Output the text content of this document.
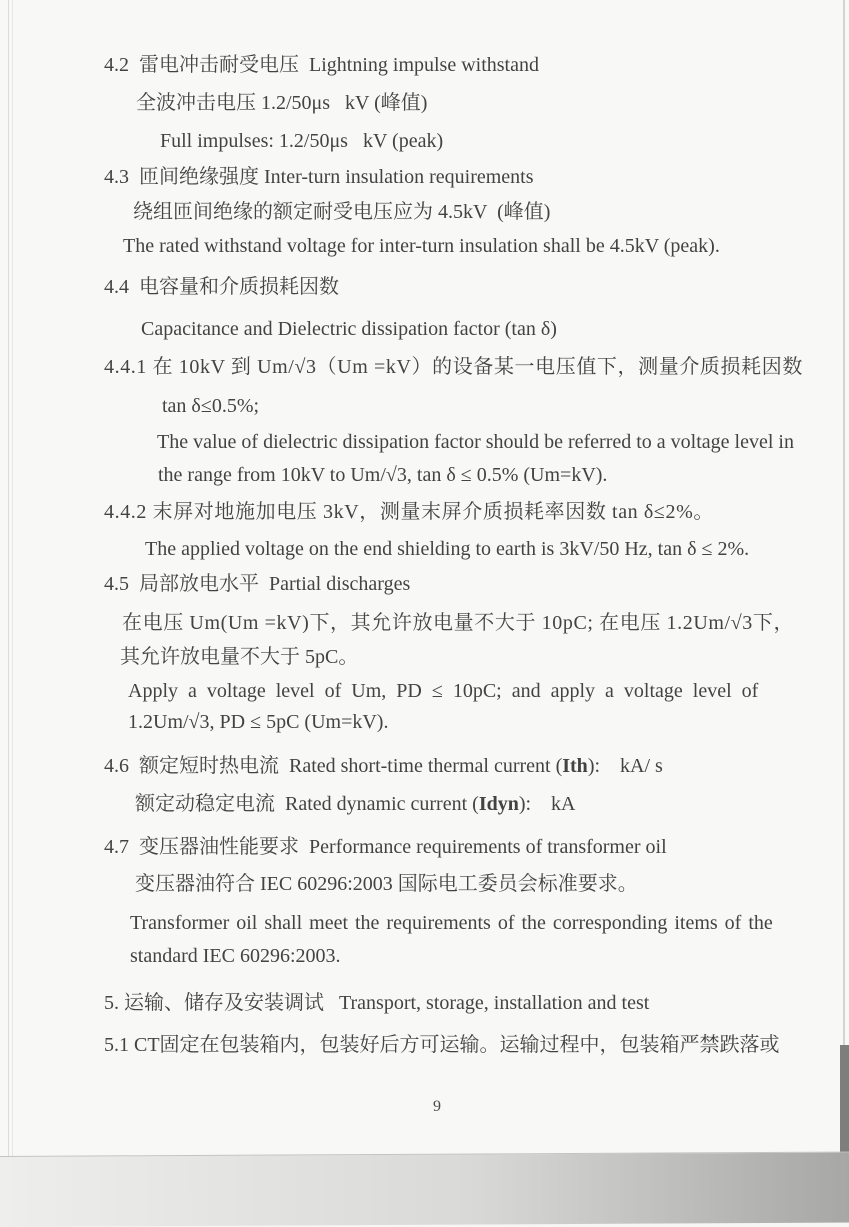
4.2  雷电冲击耐受电压  Lightning impulse withstand
全波冲击电压 1.2/50μs   kV (峰值)
Full impulses: 1.2/50μs   kV (peak)
4.3  匝间绝缘强度 Inter-turn insulation requirements
绕组匝间绝缘的额定耐受电压应为 4.5kV  (峰值)
The rated withstand voltage for inter-turn insulation shall be 4.5kV (peak).
4.4  电容量和介质损耗因数
Capacitance and Dielectric dissipation factor (tan δ)
4.4.1 在 10kV 到 Um/√3（Um =kV）的设备某一电压值下，测量介质损耗因数
tan δ≤0.5%;
The value of dielectric dissipation factor should be referred to a voltage level in
the range from 10kV to Um/√3, tan δ ≤ 0.5% (Um=kV).
4.4.2 末屏对地施加电压 3kV，测量末屏介质损耗率因数 tan δ≤2%。
The applied voltage on the end shielding to earth is 3kV/50 Hz, tan δ ≤ 2%.
4.5  局部放电水平  Partial discharges
在电压 Um(Um =kV)下，其允许放电量不大于 10pC; 在电压 1.2Um/√3下，
其允许放电量不大于 5pC。
Apply a voltage level of Um, PD ≤ 10pC; and apply a voltage level of
1.2Um/√3, PD ≤ 5pC (Um=kV).
4.6  额定短时热电流  Rated short-time thermal current (Ith):    kA/ s
额定动稳定电流  Rated dynamic current (Idyn):    kA
4.7  变压器油性能要求  Performance requirements of transformer oil
变压器油符合 IEC 60296:2003 国际电工委员会标准要求。
Transformer oil shall meet the requirements of the corresponding items of the
standard IEC 60296:2003.
5. 运输、储存及安装调试   Transport, storage, installation and test
5.1 CT固定在包装箱内，包装好后方可运输。运输过程中，包装箱严禁跌落或
9
